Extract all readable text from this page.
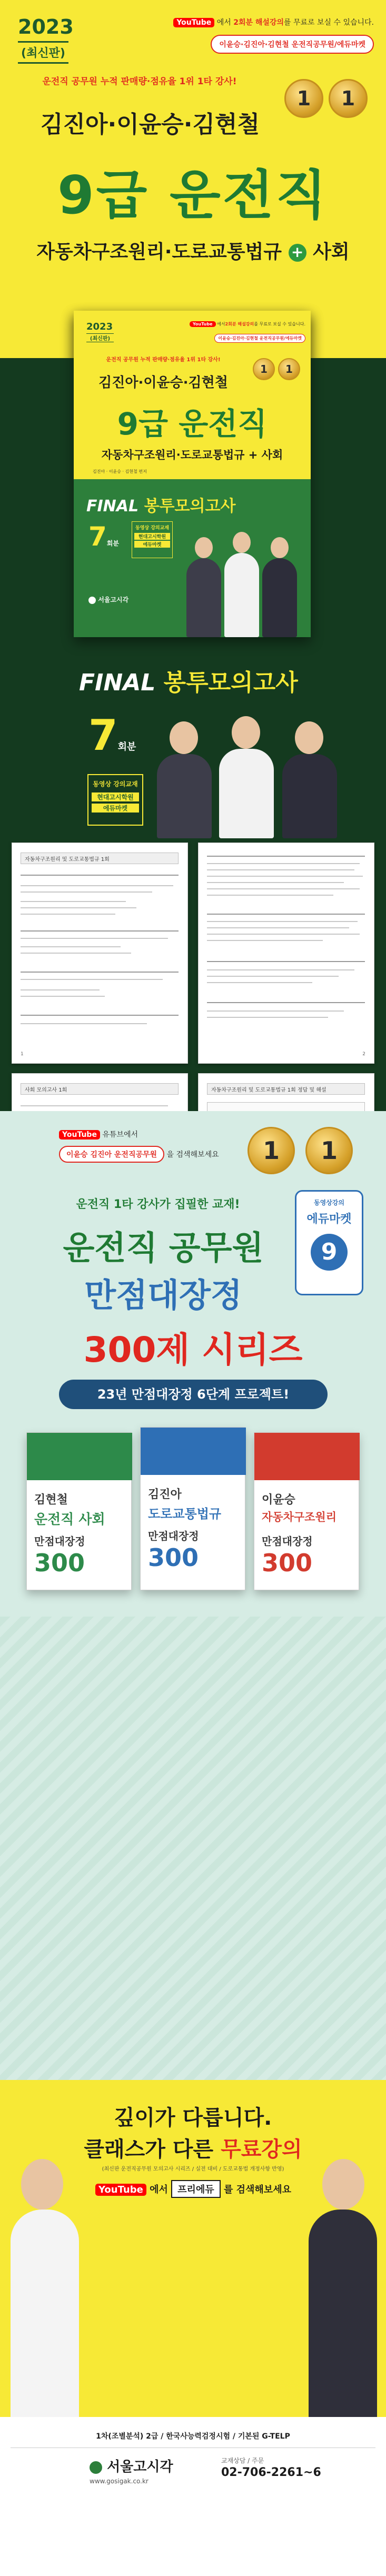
2023
(최신판)
YouTube 에서 2회분 해설강의를 무료로 보실 수 있습니다.
이윤승·김진아·김현철 운전직공무원/에듀마켓
운전직 공무원 누적 판매량·점유율 1위 1타 강사!
1	1
김진아·이윤승·김현철
9급 운전직
자동차구조원리·도로교통법규 + 사회
2023
(최신판)
YouTube 에서2회분 해설강의를 무료로 보실 수 있습니다.
이윤승·김진아·김현철 운전직공무원/에듀마켓
운전직 공무원 누적 판매량·점유율 1위 1타 강사!
1	1
김진아·이윤승·김현철
9급 운전직
자동차구조원리·도로교통법규 + 사회
김진아 · 이윤승 · 김현철 편저
FINAL 봉투모의고사
7회분
동영상 강의교재
현대고시학원
에듀마켓
서울고시각
FINAL 봉투모의고사
7회분
동영상 강의교재
현대고시학원
에듀마켓
자동차구조원리 및 도로교통법규 1회
1	2
사회 모의고사 1회	자동차구조원리 및 도로교통법규 1회 정답 및 해설
YouTube 유튜브에서
이윤승 김진아 운전직공무원 을 검색해보세요	1	1
운전직 1타 강사가 집필한 교재!	동영상강의
에듀마켓
9
운전직 공무원
만점대장정
300제 시리즈
23년 만점대장정 6단계 프로젝트!
김현철
운전직 사회
만점대장정
300
김진아
도로교통법규
만점대장정
300
이윤승
자동차구조원리
만점대장정
300
깊이가 다릅니다.
클래스가 다른 무료강의
(최신판 운전직공무원 모의고사 시리즈 / 실전 대비 / 도로교통법 개정사항 반영)
YouTube 에서 프리에듀 를 검색해보세요
1차(조별분석) 2급 / 한국사능력검정시험 / 기본된 G-TELP
서울고시각
www.gosigak.co.kr
교재상담 / 주문
02-706-2261~6
